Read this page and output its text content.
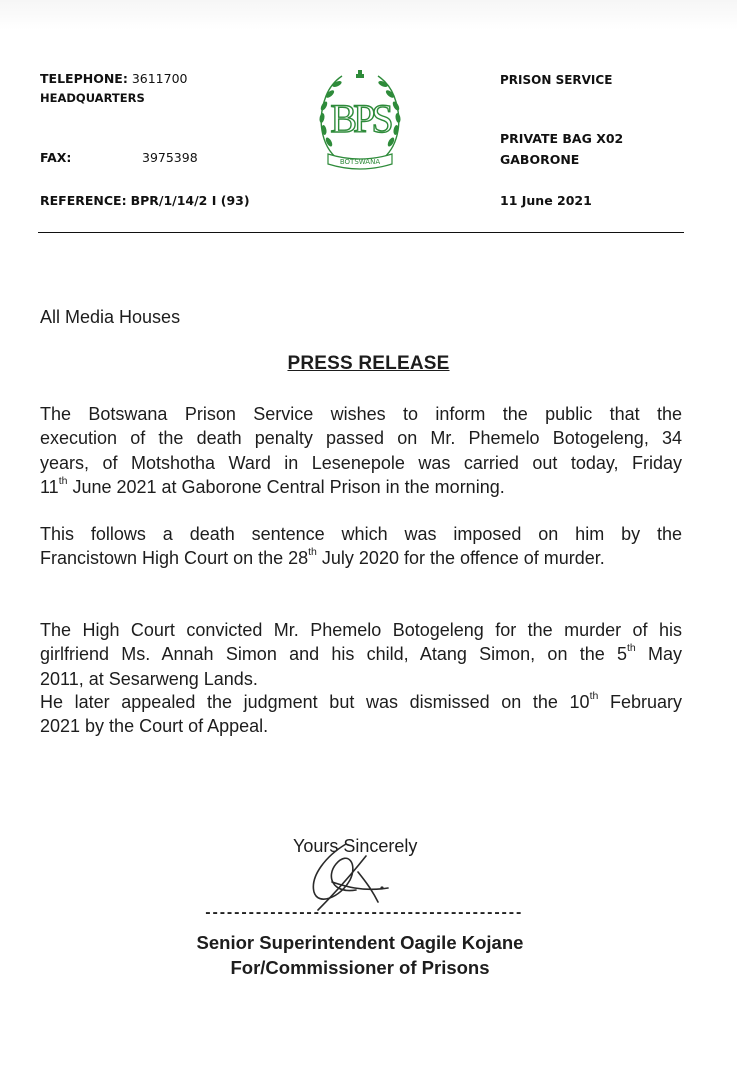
TELEPHONE: 3611700
HEADQUARTERS
FAX:	3975398
REFERENCE: BPR/1/14/2 I (93)
PRISON SERVICE
PRIVATE BAG X02
GABORONE
11 June 2021
BPS
BOTSWANA
All Media Houses
PRESS RELEASE
The Botswana Prison Service wishes to inform the public that the
execution of the death penalty passed on Mr. Phemelo Botogeleng, 34
years, of Motshotha Ward in Lesenepole was carried out today, Friday
11th June 2021 at Gaborone Central Prison in the morning.
This follows a death sentence which was imposed on him by the
Francistown High Court on the 28th July 2020 for the offence of murder.
The High Court convicted Mr. Phemelo Botogeleng for the murder of his
girlfriend Ms. Annah Simon and his child, Atang Simon, on the 5th May
2011, at Sesarweng Lands.
He later appealed the judgment but was dismissed on the 10th February
2021 by the Court of Appeal.
Yours Sincerely
--------------------------------------------
Senior Superintendent Oagile Kojane
For/Commissioner of Prisons
